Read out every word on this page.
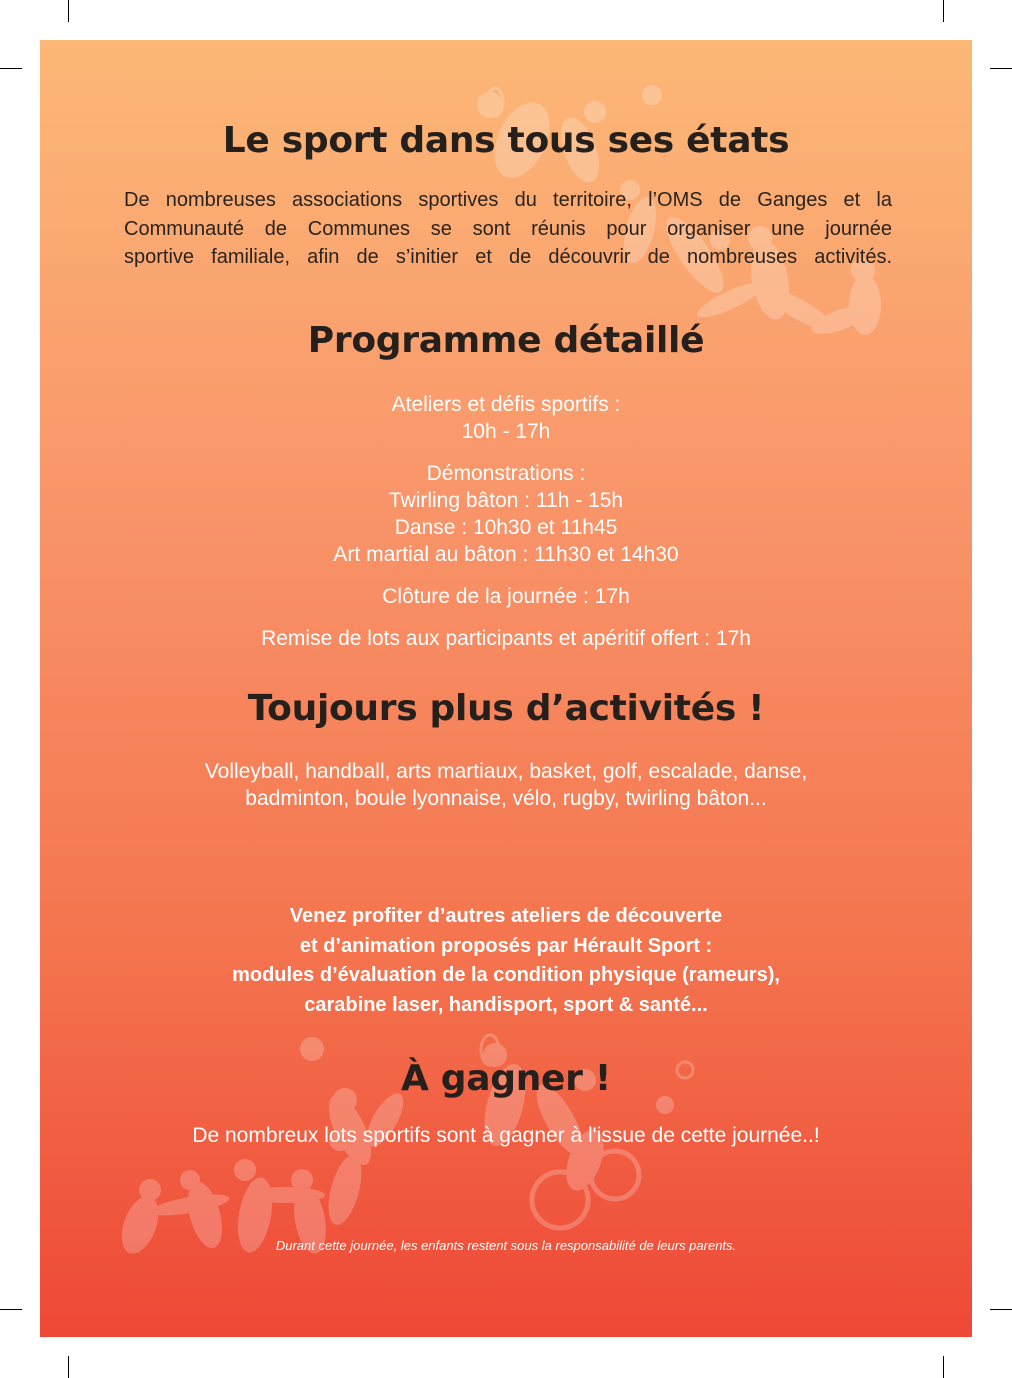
Le sport dans tous ses états
De nombreuses associations sportives du territoire, l’OMS de Ganges et la
Communauté de Communes se sont réunis pour organiser une journée
sportive familiale, afin de s’initier et de découvrir de nombreuses activités.
Programme détaillé
Ateliers et défis sportifs :
10h - 17h
Démonstrations :
Twirling bâton : 11h - 15h
Danse : 10h30 et 11h45
Art martial au bâton : 11h30 et 14h30
Clôture de la journée : 17h
Remise de lots aux participants et apéritif offert : 17h
Toujours plus d’activités !
Volleyball, handball, arts martiaux, basket, golf, escalade, danse,
badminton, boule lyonnaise, vélo, rugby, twirling bâton...
Venez profiter d’autres ateliers de découverte
et d’animation proposés par Hérault Sport :
modules d’évaluation de la condition physique (rameurs),
carabine laser, handisport, sport & santé...
À gagner !
De nombreux lots sportifs sont à gagner à l'issue de cette journée..!
Durant cette journée, les enfants restent sous la responsabilité de leurs parents.
